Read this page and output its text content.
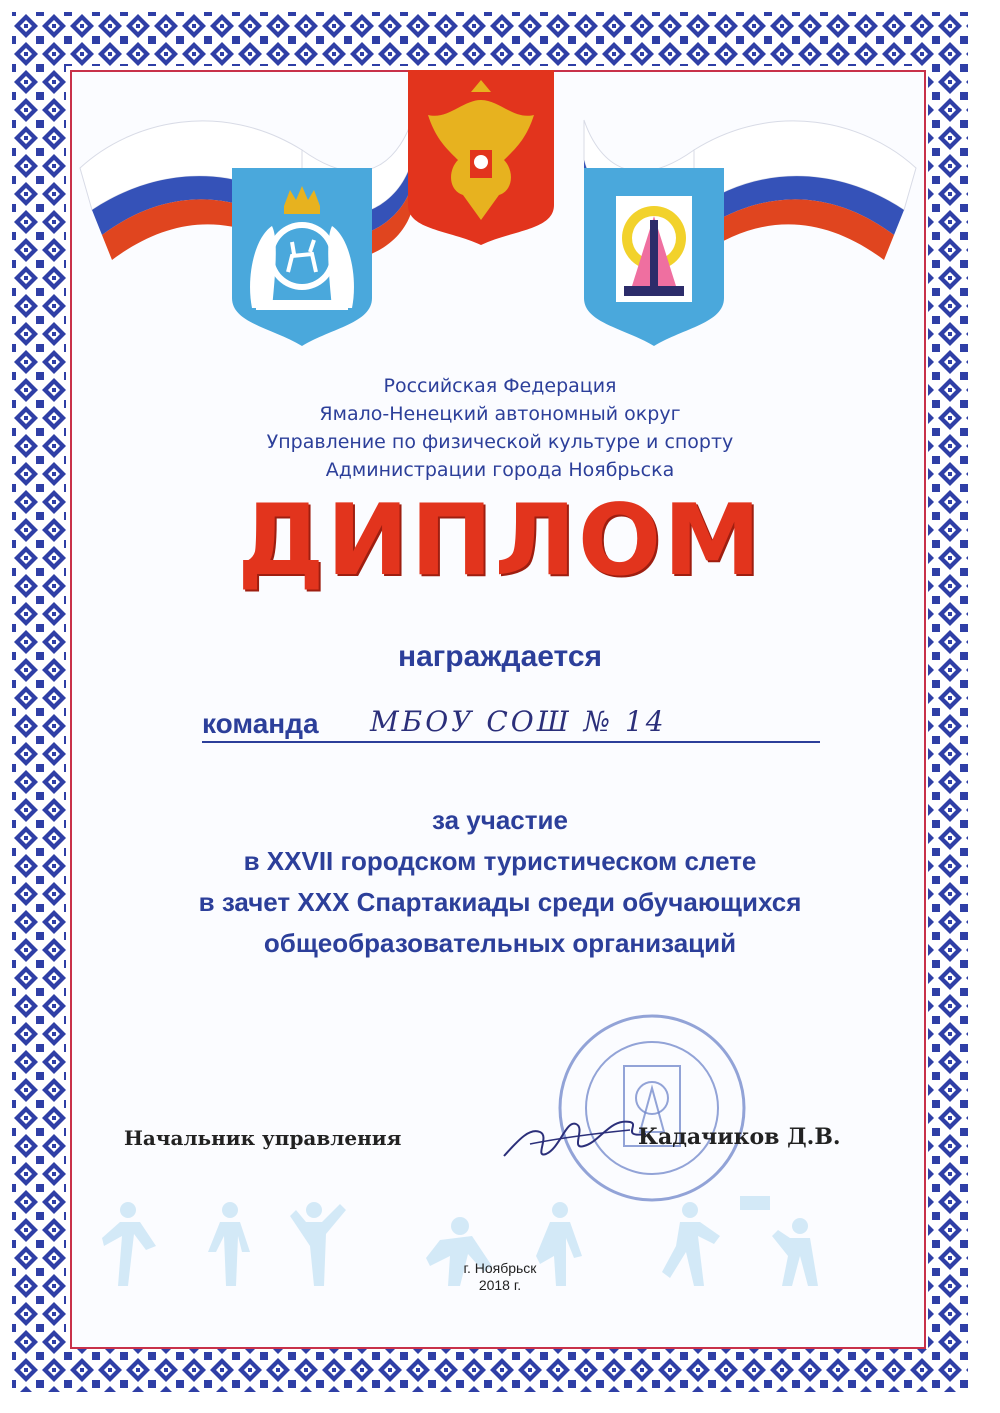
Российская Федерация
Ямало-Ненецкий автономный округ
Управление по физической культуре и спорту
Администрации города Ноябрьска
ДИПЛОМ
награждается
команда МБОУ СОШ № 14
за участие
в XXVII городском туристическом слете
в зачет XXX Спартакиады среди обучающихся
общеобразовательных организаций
Начальник управления	Кадачиков Д.В.
г. Ноябрьск
2018 г.
